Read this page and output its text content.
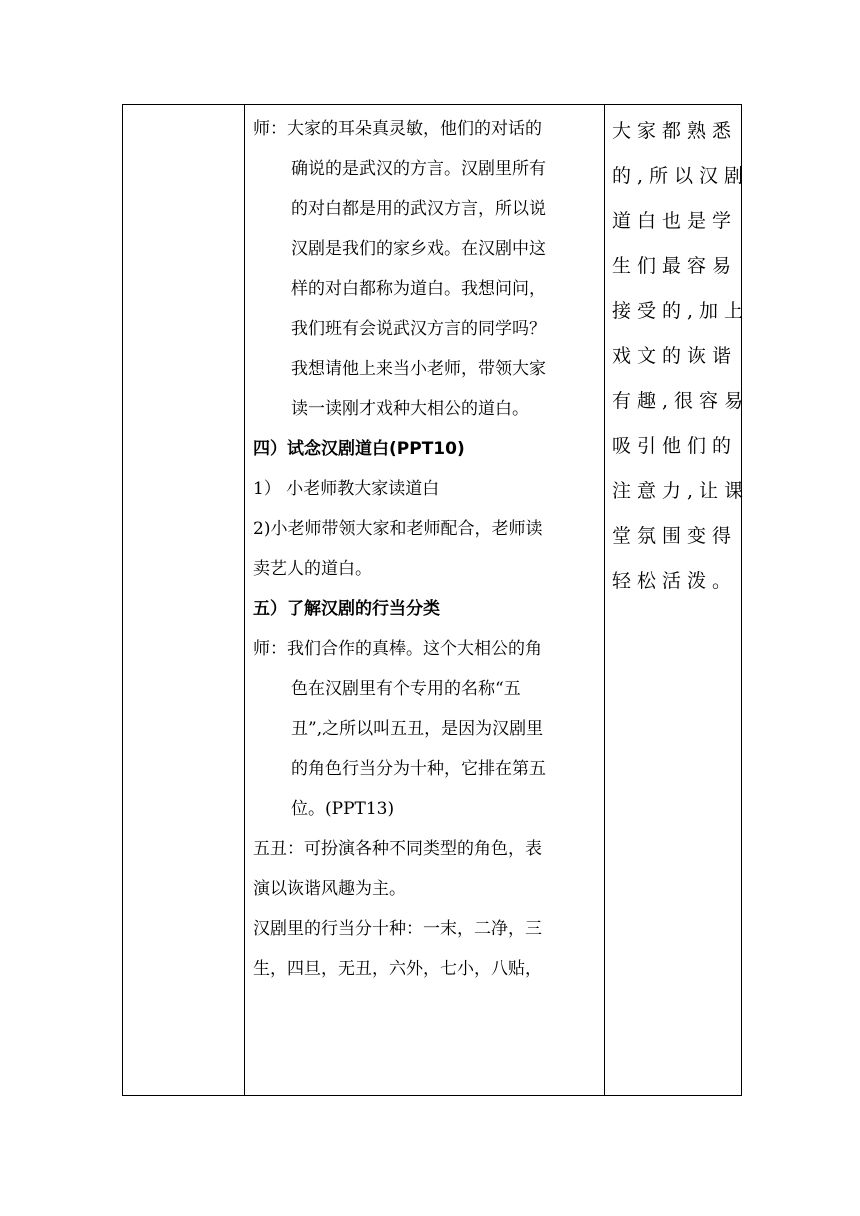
师：大家的耳朵真灵敏，他们的对话的
确说的是武汉的方言。汉剧里所有
的对白都是用的武汉方言，所以说
汉剧是我们的家乡戏。在汉剧中这
样的对白都称为道白。我想问问，
我们班有会说武汉方言的同学吗？
我想请他上来当小老师，带领大家
读一读刚才戏种大相公的道白。
四）试念汉剧道白(PPT10)
1） 小老师教大家读道白
2)小老师带领大家和老师配合，老师读
卖艺人的道白。
五）了解汉剧的行当分类
师：我们合作的真棒。这个大相公的角
色在汉剧里有个专用的名称“五
丑”,之所以叫五丑，是因为汉剧里
的角色行当分为十种，它排在第五
位。(PPT13)
五丑：可扮演各种不同类型的角色，表
演以诙谐风趣为主。
汉剧里的行当分十种：一末，二净，三
生，四旦，无丑，六外，七小，八贴，
大家都熟悉
的,所以汉剧
道白也是学
生们最容易
接受的,加上
戏文的诙谐
有趣,很容易
吸引他们的
注意力,让课
堂氛围变得
轻松活泼。
